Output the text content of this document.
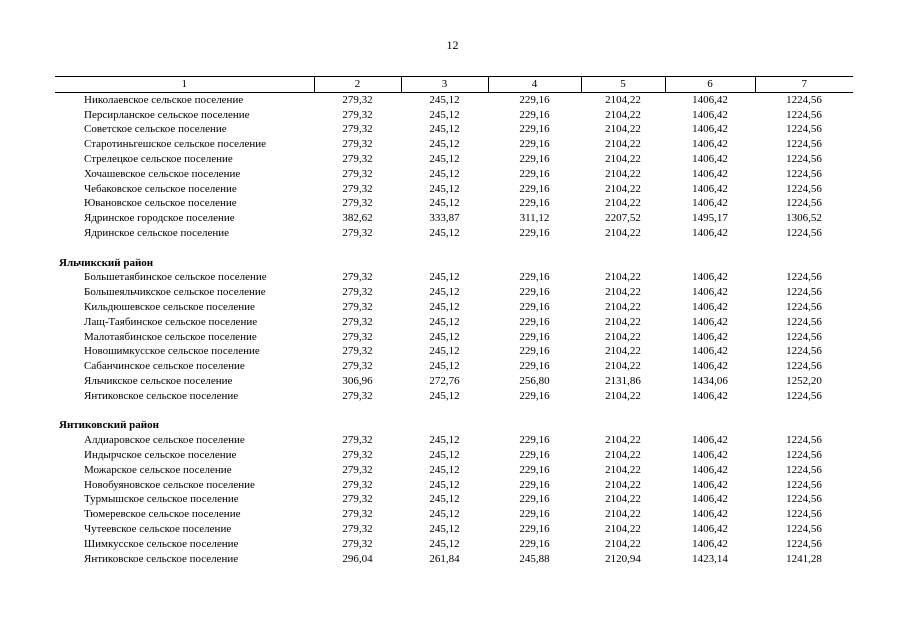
12
1	2	3	4	5	6	7
Николаевское сельское поселение	279,32	245,12	229,16	2104,22	1406,42	1224,56
Персирланское сельское поселение	279,32	245,12	229,16	2104,22	1406,42	1224,56
Советское сельское поселение	279,32	245,12	229,16	2104,22	1406,42	1224,56
Старотиньгешское сельское поселение	279,32	245,12	229,16	2104,22	1406,42	1224,56
Стрелецкое сельское поселение	279,32	245,12	229,16	2104,22	1406,42	1224,56
Хочашевское сельское поселение	279,32	245,12	229,16	2104,22	1406,42	1224,56
Чебаковское сельское поселение	279,32	245,12	229,16	2104,22	1406,42	1224,56
Ювановское сельское поселение	279,32	245,12	229,16	2104,22	1406,42	1224,56
Ядринское городское поселение	382,62	333,87	311,12	2207,52	1495,17	1306,52
Ядринское сельское поселение	279,32	245,12	229,16	2104,22	1406,42	1224,56

Яльчикский район						
Большетаябинское сельское поселение	279,32	245,12	229,16	2104,22	1406,42	1224,56
Большеяльчикское сельское поселение	279,32	245,12	229,16	2104,22	1406,42	1224,56
Кильдюшевское сельское поселение	279,32	245,12	229,16	2104,22	1406,42	1224,56
Лащ-Таябинское сельское поселение	279,32	245,12	229,16	2104,22	1406,42	1224,56
Малотаябинское сельское поселение	279,32	245,12	229,16	2104,22	1406,42	1224,56
Новошимкусское сельское поселение	279,32	245,12	229,16	2104,22	1406,42	1224,56
Сабанчинское сельское поселение	279,32	245,12	229,16	2104,22	1406,42	1224,56
Яльчикское сельское поселение	306,96	272,76	256,80	2131,86	1434,06	1252,20
Янтиковское сельское поселение	279,32	245,12	229,16	2104,22	1406,42	1224,56

Янтиковский район						
Алдиаровское сельское поселение	279,32	245,12	229,16	2104,22	1406,42	1224,56
Индырчское сельское поселение	279,32	245,12	229,16	2104,22	1406,42	1224,56
Можарское сельское поселение	279,32	245,12	229,16	2104,22	1406,42	1224,56
Новобуяновское сельское поселение	279,32	245,12	229,16	2104,22	1406,42	1224,56
Турмышское сельское поселение	279,32	245,12	229,16	2104,22	1406,42	1224,56
Тюмеревское сельское поселение	279,32	245,12	229,16	2104,22	1406,42	1224,56
Чутеевское сельское поселение	279,32	245,12	229,16	2104,22	1406,42	1224,56
Шимкусское сельское поселение	279,32	245,12	229,16	2104,22	1406,42	1224,56
Янтиковское сельское поселение	296,04	261,84	245,88	2120,94	1423,14	1241,28
